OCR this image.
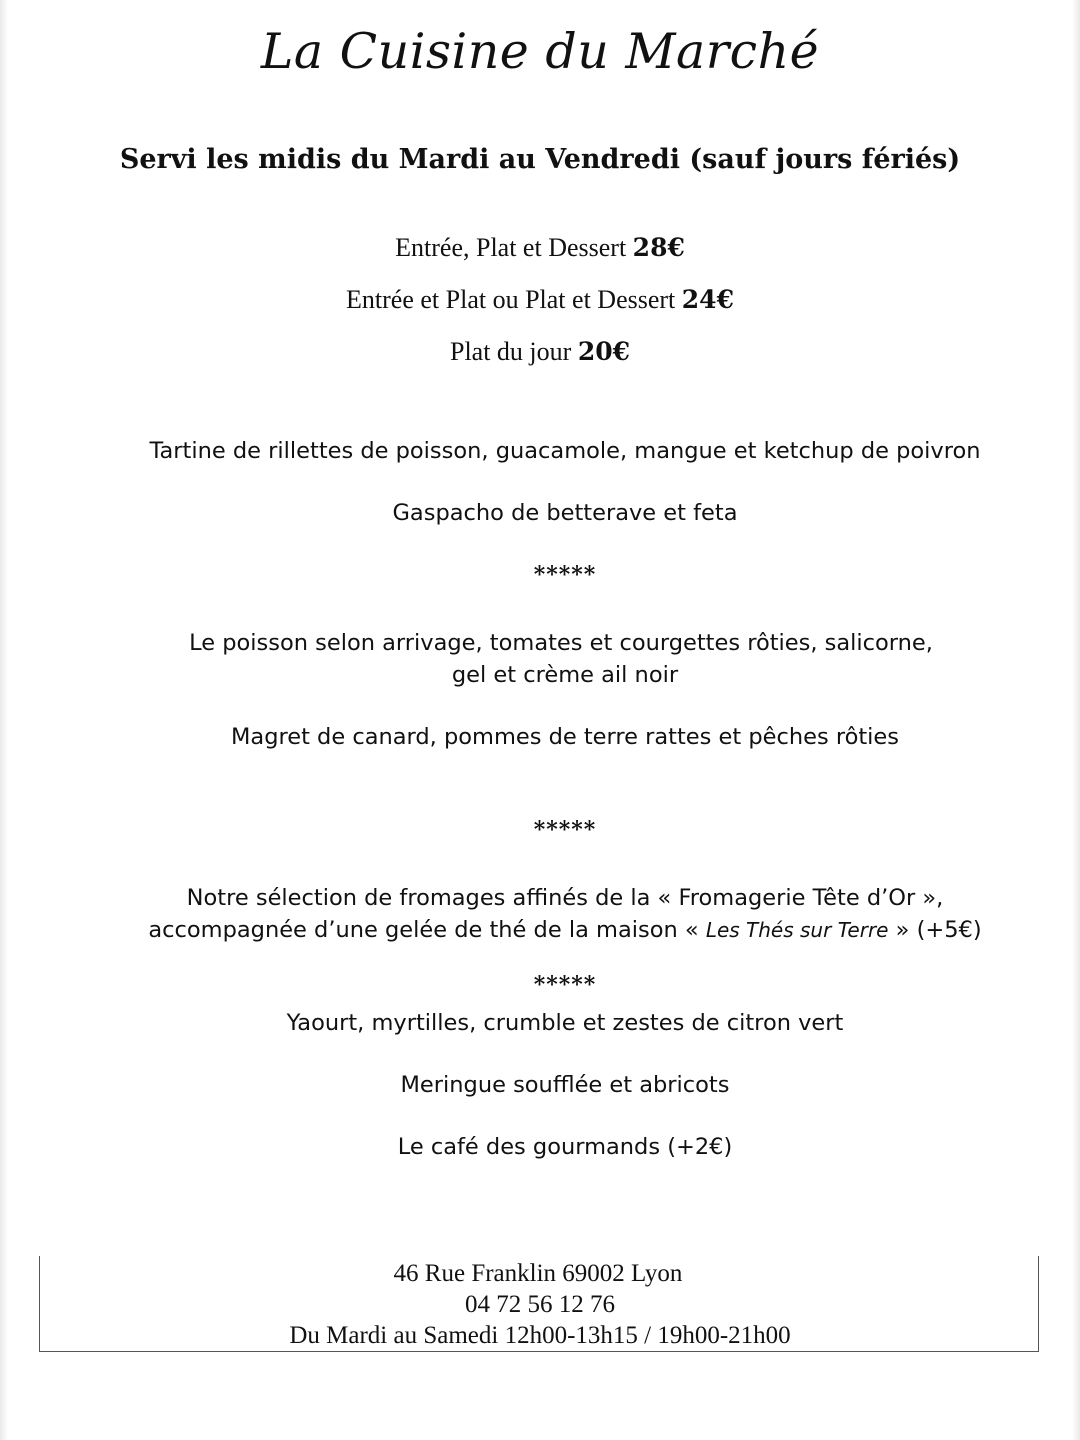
La Cuisine du Marché
Servi les midis du Mardi au Vendredi (sauf jours fériés)
Entrée, Plat et Dessert 28€
Entrée et Plat ou Plat et Dessert 24€
Plat du jour 20€
Tartine de rillettes de poisson, guacamole, mangue et ketchup de poivron
Gaspacho de betterave et feta
*****
Le poisson selon arrivage, tomates et courgettes rôties, salicorne,
gel et crème ail noir
Magret de canard, pommes de terre rattes et pêches rôties
*****
Notre sélection de fromages affinés de la « Fromagerie Tête d’Or »,
accompagnée d’une gelée de thé de la maison « Les Thés sur Terre » (+5€)
*****
Yaourt, myrtilles, crumble et zestes de citron vert
Meringue soufflée et abricots
Le café des gourmands (+2€)
46 Rue Franklin 69002 Lyon
04 72 56 12 76
Du Mardi au Samedi 12h00-13h15 / 19h00-21h00
